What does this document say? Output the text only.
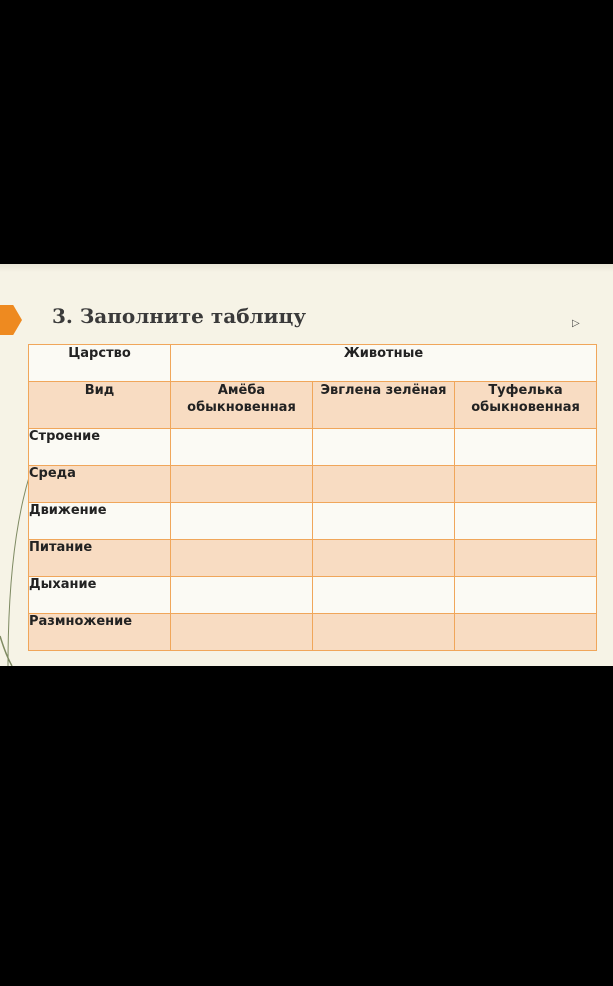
3. Заполните таблицу	▷
Царство	Животные		
Вид	Амёба обыкновенная	Эвглена зелёная	Туфелька обыкновенная
Строение			
Среда			
Движение			
Питание			
Дыхание			
Размножение			
